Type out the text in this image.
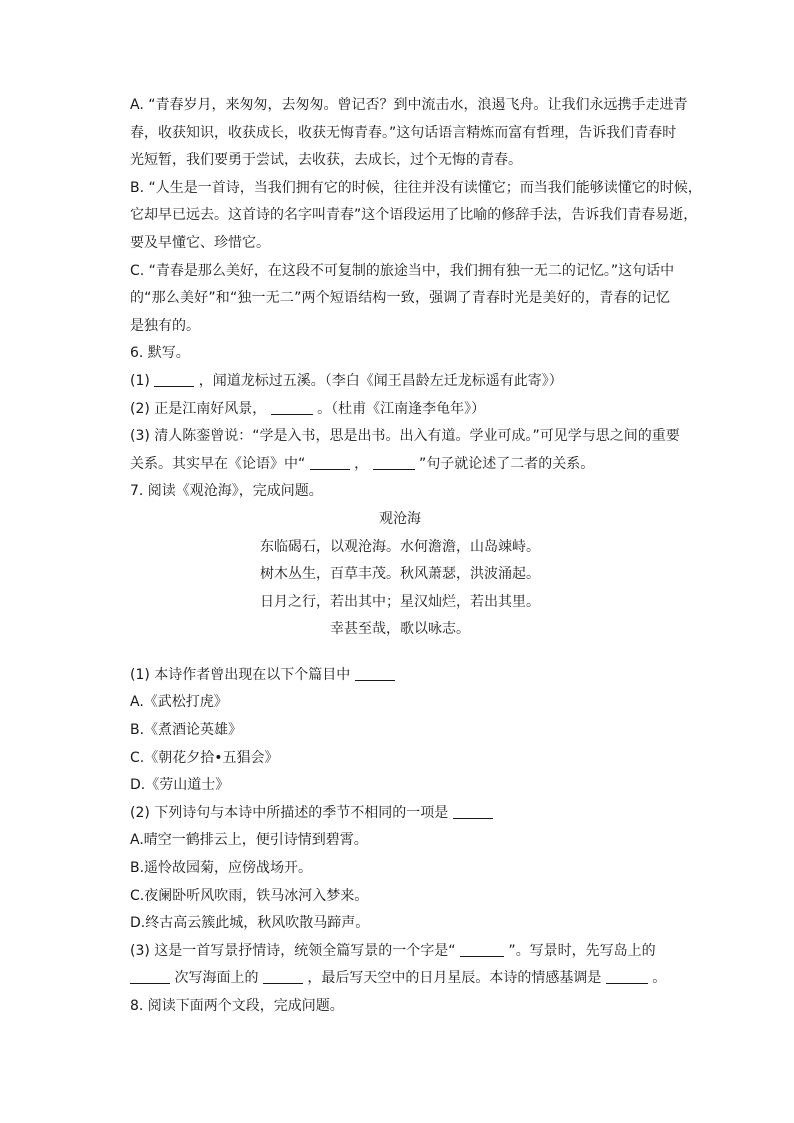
A. “青春岁月，来匆匆，去匆匆。曾记否？到中流击水，浪遏飞舟。让我们永远携手走进青
春，收获知识，收获成长，收获无悔青春。”这句话语言精炼而富有哲理，告诉我们青春时
光短暂，我们要勇于尝试，去收获，去成长，过个无悔的青春。
B. “人生是一首诗，当我们拥有它的时候，往往并没有读懂它；而当我们能够读懂它的时候，
它却早已远去。这首诗的名字叫青春”这个语段运用了比喻的修辞手法，告诉我们青春易逝，
要及早懂它、珍惜它。
C. “青春是那么美好，在这段不可复制的旅途当中，我们拥有独一无二的记忆。”这句话中
的“那么美好”和“独一无二”两个短语结构一致，强调了青春时光是美好的，青春的记忆
是独有的。
6. 默写。
(1)	，闻道龙标过五溪。（李白《闻王昌龄左迁龙标遥有此寄》）
(2) 正是江南好风景，	。（杜甫《江南逢李龟年》）
(3) 清人陈銮曾说：“学是入书，思是出书。出入有道。学业可成。”可见学与思之间的重要
关系。其实早在《论语》中“	，	”句子就论述了二者的关系。
7. 阅读《观沧海》，完成问题。
观沧海
东临碣石，以观沧海。水何澹澹，山岛竦峙。
树木丛生，百草丰茂。秋风萧瑟，洪波涌起。
日月之行，若出其中；星汉灿烂，若出其里。
幸甚至哉，歌以咏志。
(1) 本诗作者曾出现在以下个篇目中
A.《武松打虎》
B.《煮酒论英雄》
C.《朝花夕拾•五猖会》
D.《劳山道士》
(2) 下列诗句与本诗中所描述的季节不相同的一项是
A.晴空一鹤排云上，便引诗情到碧霄。
B.遥怜故园菊，应傍战场开。
C.夜阑卧听风吹雨，铁马冰河入梦来。
D.终古高云簇此城，秋风吹散马蹄声。
(3) 这是一首写景抒情诗，统领全篇写景的一个字是“	”。写景时，先写岛上的
次写海面上的	，最后写天空中的日月星辰。本诗的情感基调是	。
8. 阅读下面两个文段，完成问题。
